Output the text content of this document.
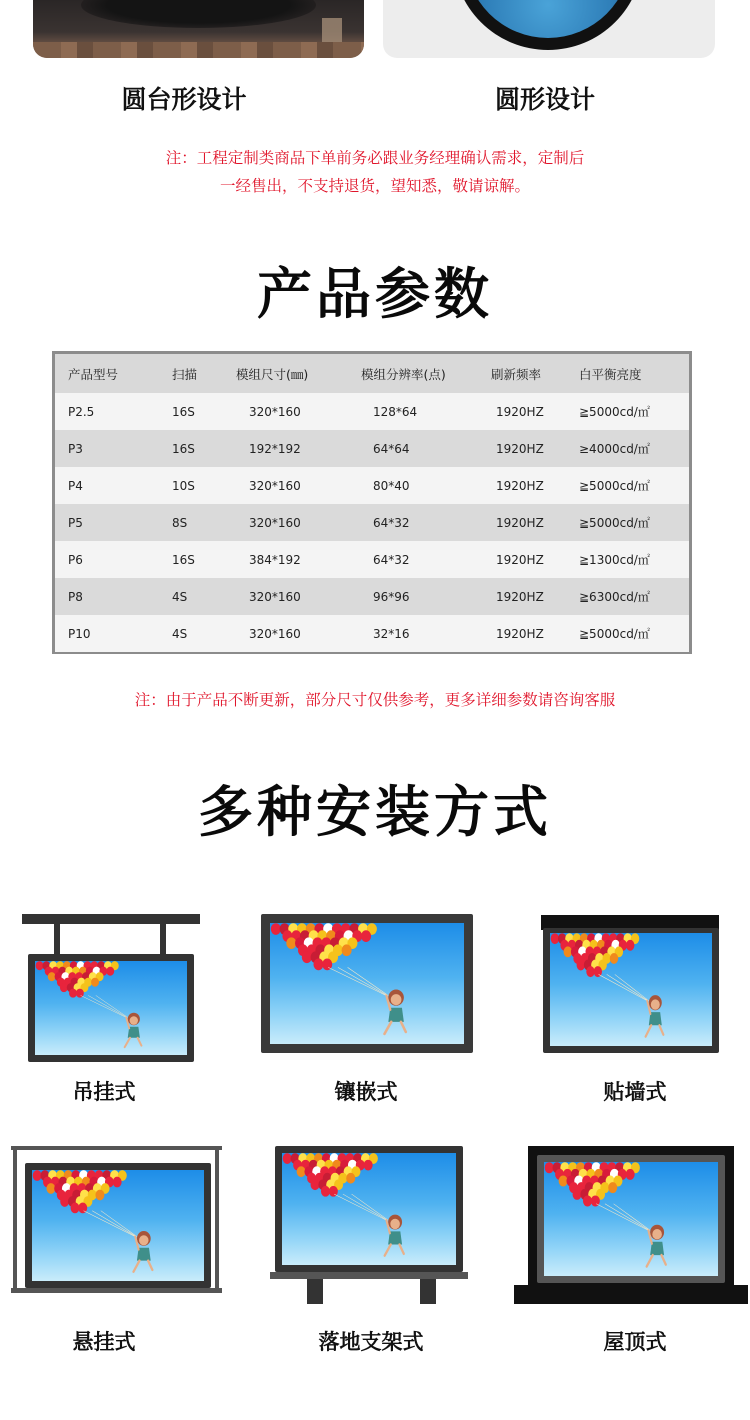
圆台形设计	圆形设计
注：工程定制类商品下单前务必跟业务经理确认需求，定制后
一经售出，不支持退货，望知悉，敬请谅解。
产品参数
产品型号	扫描	模组尺寸(㎜)	模组分辨率(点)	刷新频率	白平衡亮度
P2.5	16S	320*160	128*64	1920HZ	≧5000cd/㎡
P3	16S	192*192	64*64	1920HZ	≥4000cd/㎡
P4	10S	320*160	80*40	1920HZ	≧5000cd/㎡
P5	8S	320*160	64*32	1920HZ	≧5000cd/㎡
P6	16S	384*192	64*32	1920HZ	≧1300cd/㎡
P8	4S	320*160	96*96	1920HZ	≧6300cd/㎡
P10	4S	320*160	32*16	1920HZ	≧5000cd/㎡
注：由于产品不断更新，部分尺寸仅供参考，更多详细参数请咨询客服
多种安装方式
吊挂式	镶嵌式	贴墙式
悬挂式	落地支架式	屋顶式
